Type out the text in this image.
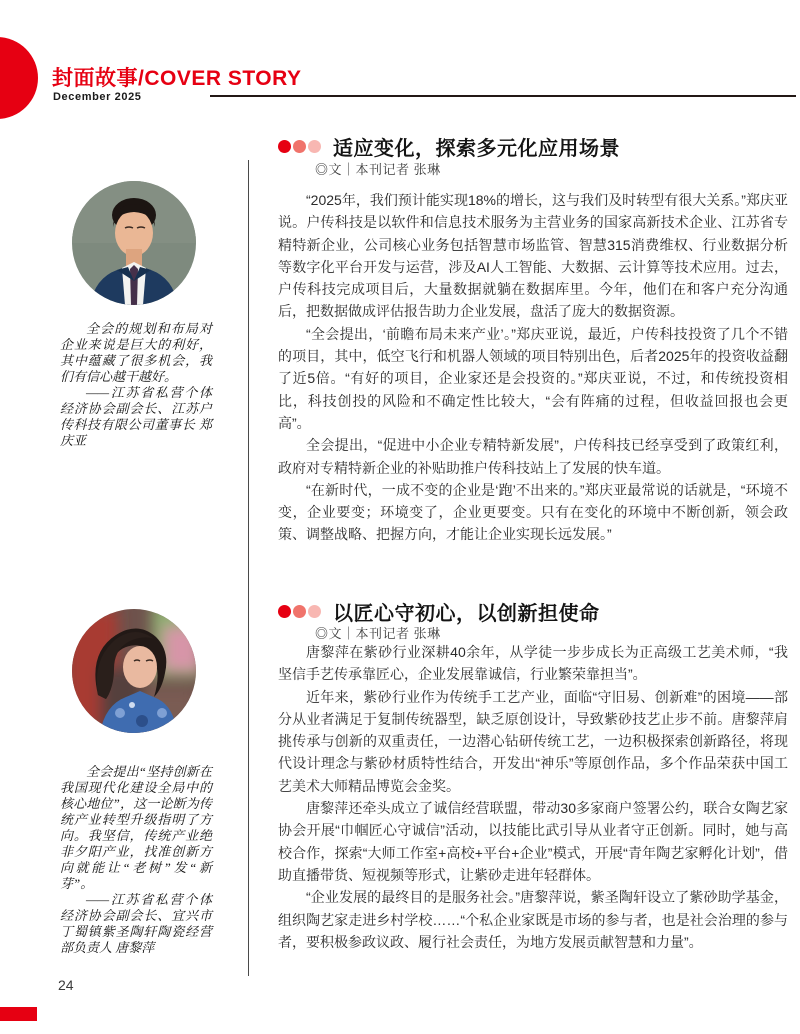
封面故事/COVER STORY
December 2025

全会的规划和布局对企业来说是巨大的利好，其中蕴藏了很多机会，我们有信心越干越好。

——江苏省私营个体经济协会副会长、江苏户传科技有限公司董事长 郑庆亚

全会提出“坚持创新在我国现代化建设全局中的核心地位”，这一论断为传统产业转型升级指明了方向。我坚信，传统产业绝非夕阳产业，找准创新方向就能让“老树”发“新芽”。

——江苏省私营个体经济协会副会长、宜兴市丁蜀镇紫圣陶轩陶瓷经营部负责人 唐黎萍

适应变化，探索多元化应用场景
◎文｜本刊记者 张琳

“2025年，我们预计能实现18%的增长，这与我们及时转型有很大关系。”郑庆亚说。户传科技是以软件和信息技术服务为主营业务的国家高新技术企业、江苏省专精特新企业，公司核心业务包括智慧市场监管、智慧315消费维权、行业数据分析等数字化平台开发与运营，涉及AI人工智能、大数据、云计算等技术应用。过去，户传科技完成项目后，大量数据就躺在数据库里。今年，他们在和客户充分沟通后，把数据做成评估报告助力企业发展，盘活了庞大的数据资源。

“全会提出，‘前瞻布局未来产业’。”郑庆亚说，最近，户传科技投资了几个不错的项目，其中，低空飞行和机器人领域的项目特别出色，后者2025年的投资收益翻了近5倍。“有好的项目，企业家还是会投资的。”郑庆亚说，不过，和传统投资相比，科技创投的风险和不确定性比较大，“会有阵痛的过程，但收益回报也会更高”。

全会提出，“促进中小企业专精特新发展”，户传科技已经享受到了政策红利，政府对专精特新企业的补贴助推户传科技站上了发展的快车道。

“在新时代，一成不变的企业是‘跑’不出来的。”郑庆亚最常说的话就是，“环境不变，企业要变；环境变了，企业更要变。只有在变化的环境中不断创新，领会政策、调整战略、把握方向，才能让企业实现长远发展。”

以匠心守初心，以创新担使命
◎文｜本刊记者 张琳

唐黎萍在紫砂行业深耕40余年，从学徒一步步成长为正高级工艺美术师，“我坚信手艺传承靠匠心，企业发展靠诚信，行业繁荣靠担当”。

近年来，紫砂行业作为传统手工艺产业，面临“守旧易、创新难”的困境——部分从业者满足于复制传统器型，缺乏原创设计，导致紫砂技艺止步不前。唐黎萍肩挑传承与创新的双重责任，一边潜心钻研传统工艺，一边积极探索创新路径，将现代设计理念与紫砂材质特性结合，开发出“神乐”等原创作品，多个作品荣获中国工艺美术大师精品博览会金奖。

唐黎萍还牵头成立了诚信经营联盟，带动30多家商户签署公约，联合女陶艺家协会开展“巾帼匠心守诚信”活动，以技能比武引导从业者守正创新。同时，她与高校合作，探索“大师工作室+高校+平台+企业”模式，开展“青年陶艺家孵化计划”，借助直播带货、短视频等形式，让紫砂走进年轻群体。

“企业发展的最终目的是服务社会。”唐黎萍说，紫圣陶轩设立了紫砂助学基金，组织陶艺家走进乡村学校……“个私企业家既是市场的参与者，也是社会治理的参与者，要积极参政议政、履行社会责任，为地方发展贡献智慧和力量”。

24
